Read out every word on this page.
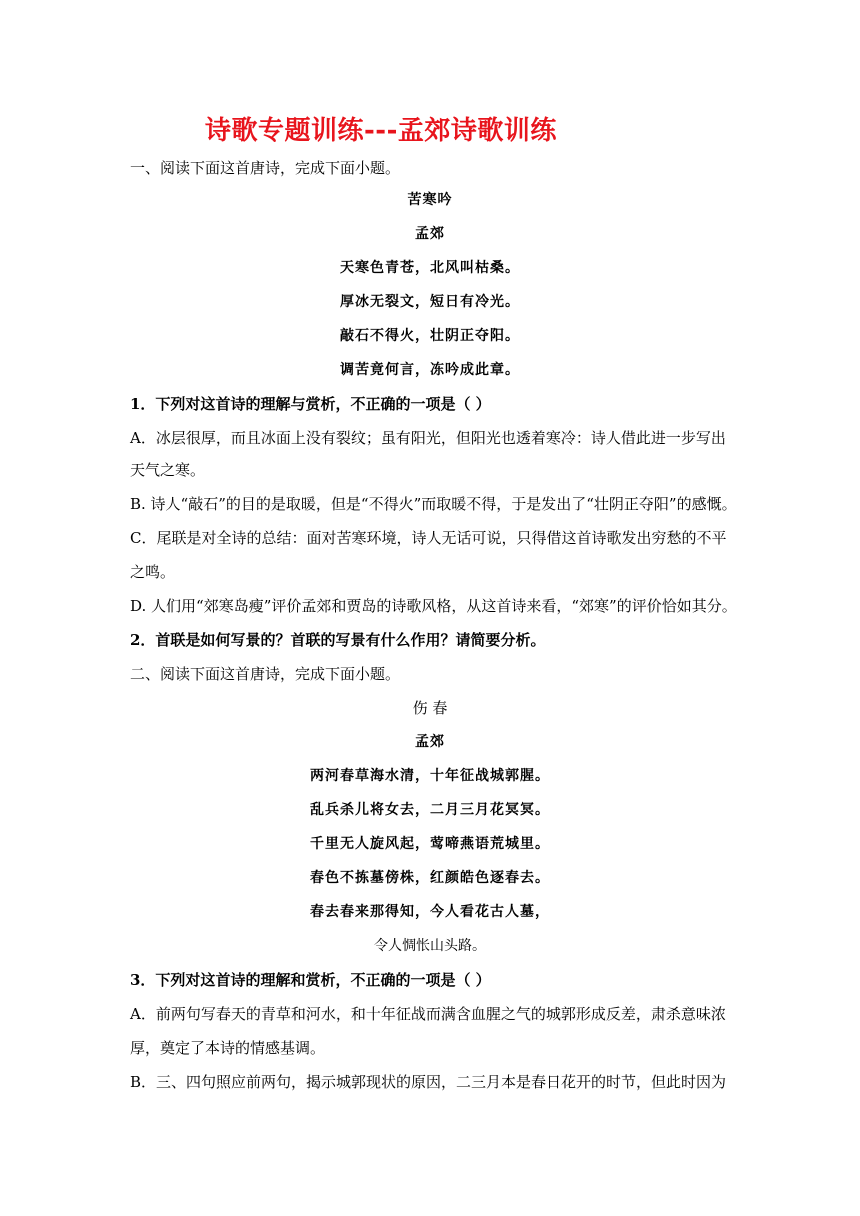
诗歌专题训练---孟郊诗歌训练
一、阅读下面这首唐诗，完成下面小题。
苦寒吟
孟郊
天寒色青苍，北风叫枯桑。
厚冰无裂文，短日有冷光。
敲石不得火，壮阴正夺阳。
调苦竟何言，冻吟成此章。
1．下列对这首诗的理解与赏析，不正确的一项是（ ）
A．冰层很厚，而且冰面上没有裂纹；虽有阳光，但阳光也透着寒冷：诗人借此进一步写出
天气之寒。
B. 诗人“敲石”的目的是取暖，但是“不得火”而取暖不得，于是发出了“壮阴正夺阳”的感慨。
C．尾联是对全诗的总结：面对苦寒环境，诗人无话可说，只得借这首诗歌发出穷愁的不平
之鸣。
D. 人们用“郊寒岛瘦”评价孟郊和贾岛的诗歌风格，从这首诗来看，“郊寒”的评价恰如其分。
2．首联是如何写景的？首联的写景有什么作用？请简要分析。
二、阅读下面这首唐诗，完成下面小题。
伤 春
孟郊
两河春草海水清，十年征战城郭腥。
乱兵杀儿将女去，二月三月花冥冥。
千里无人旋风起，莺啼燕语荒城里。
春色不拣墓傍株，红颜皓色逐春去。
春去春来那得知，今人看花古人墓，
令人惆怅山头路。
3．下列对这首诗的理解和赏析，不正确的一项是（ ）
A．前两句写春天的青草和河水，和十年征战而满含血腥之气的城郭形成反差，肃杀意味浓
厚，奠定了本诗的情感基调。
B．三、四句照应前两句，揭示城郭现状的原因，二三月本是春日花开的时节，但此时因为
